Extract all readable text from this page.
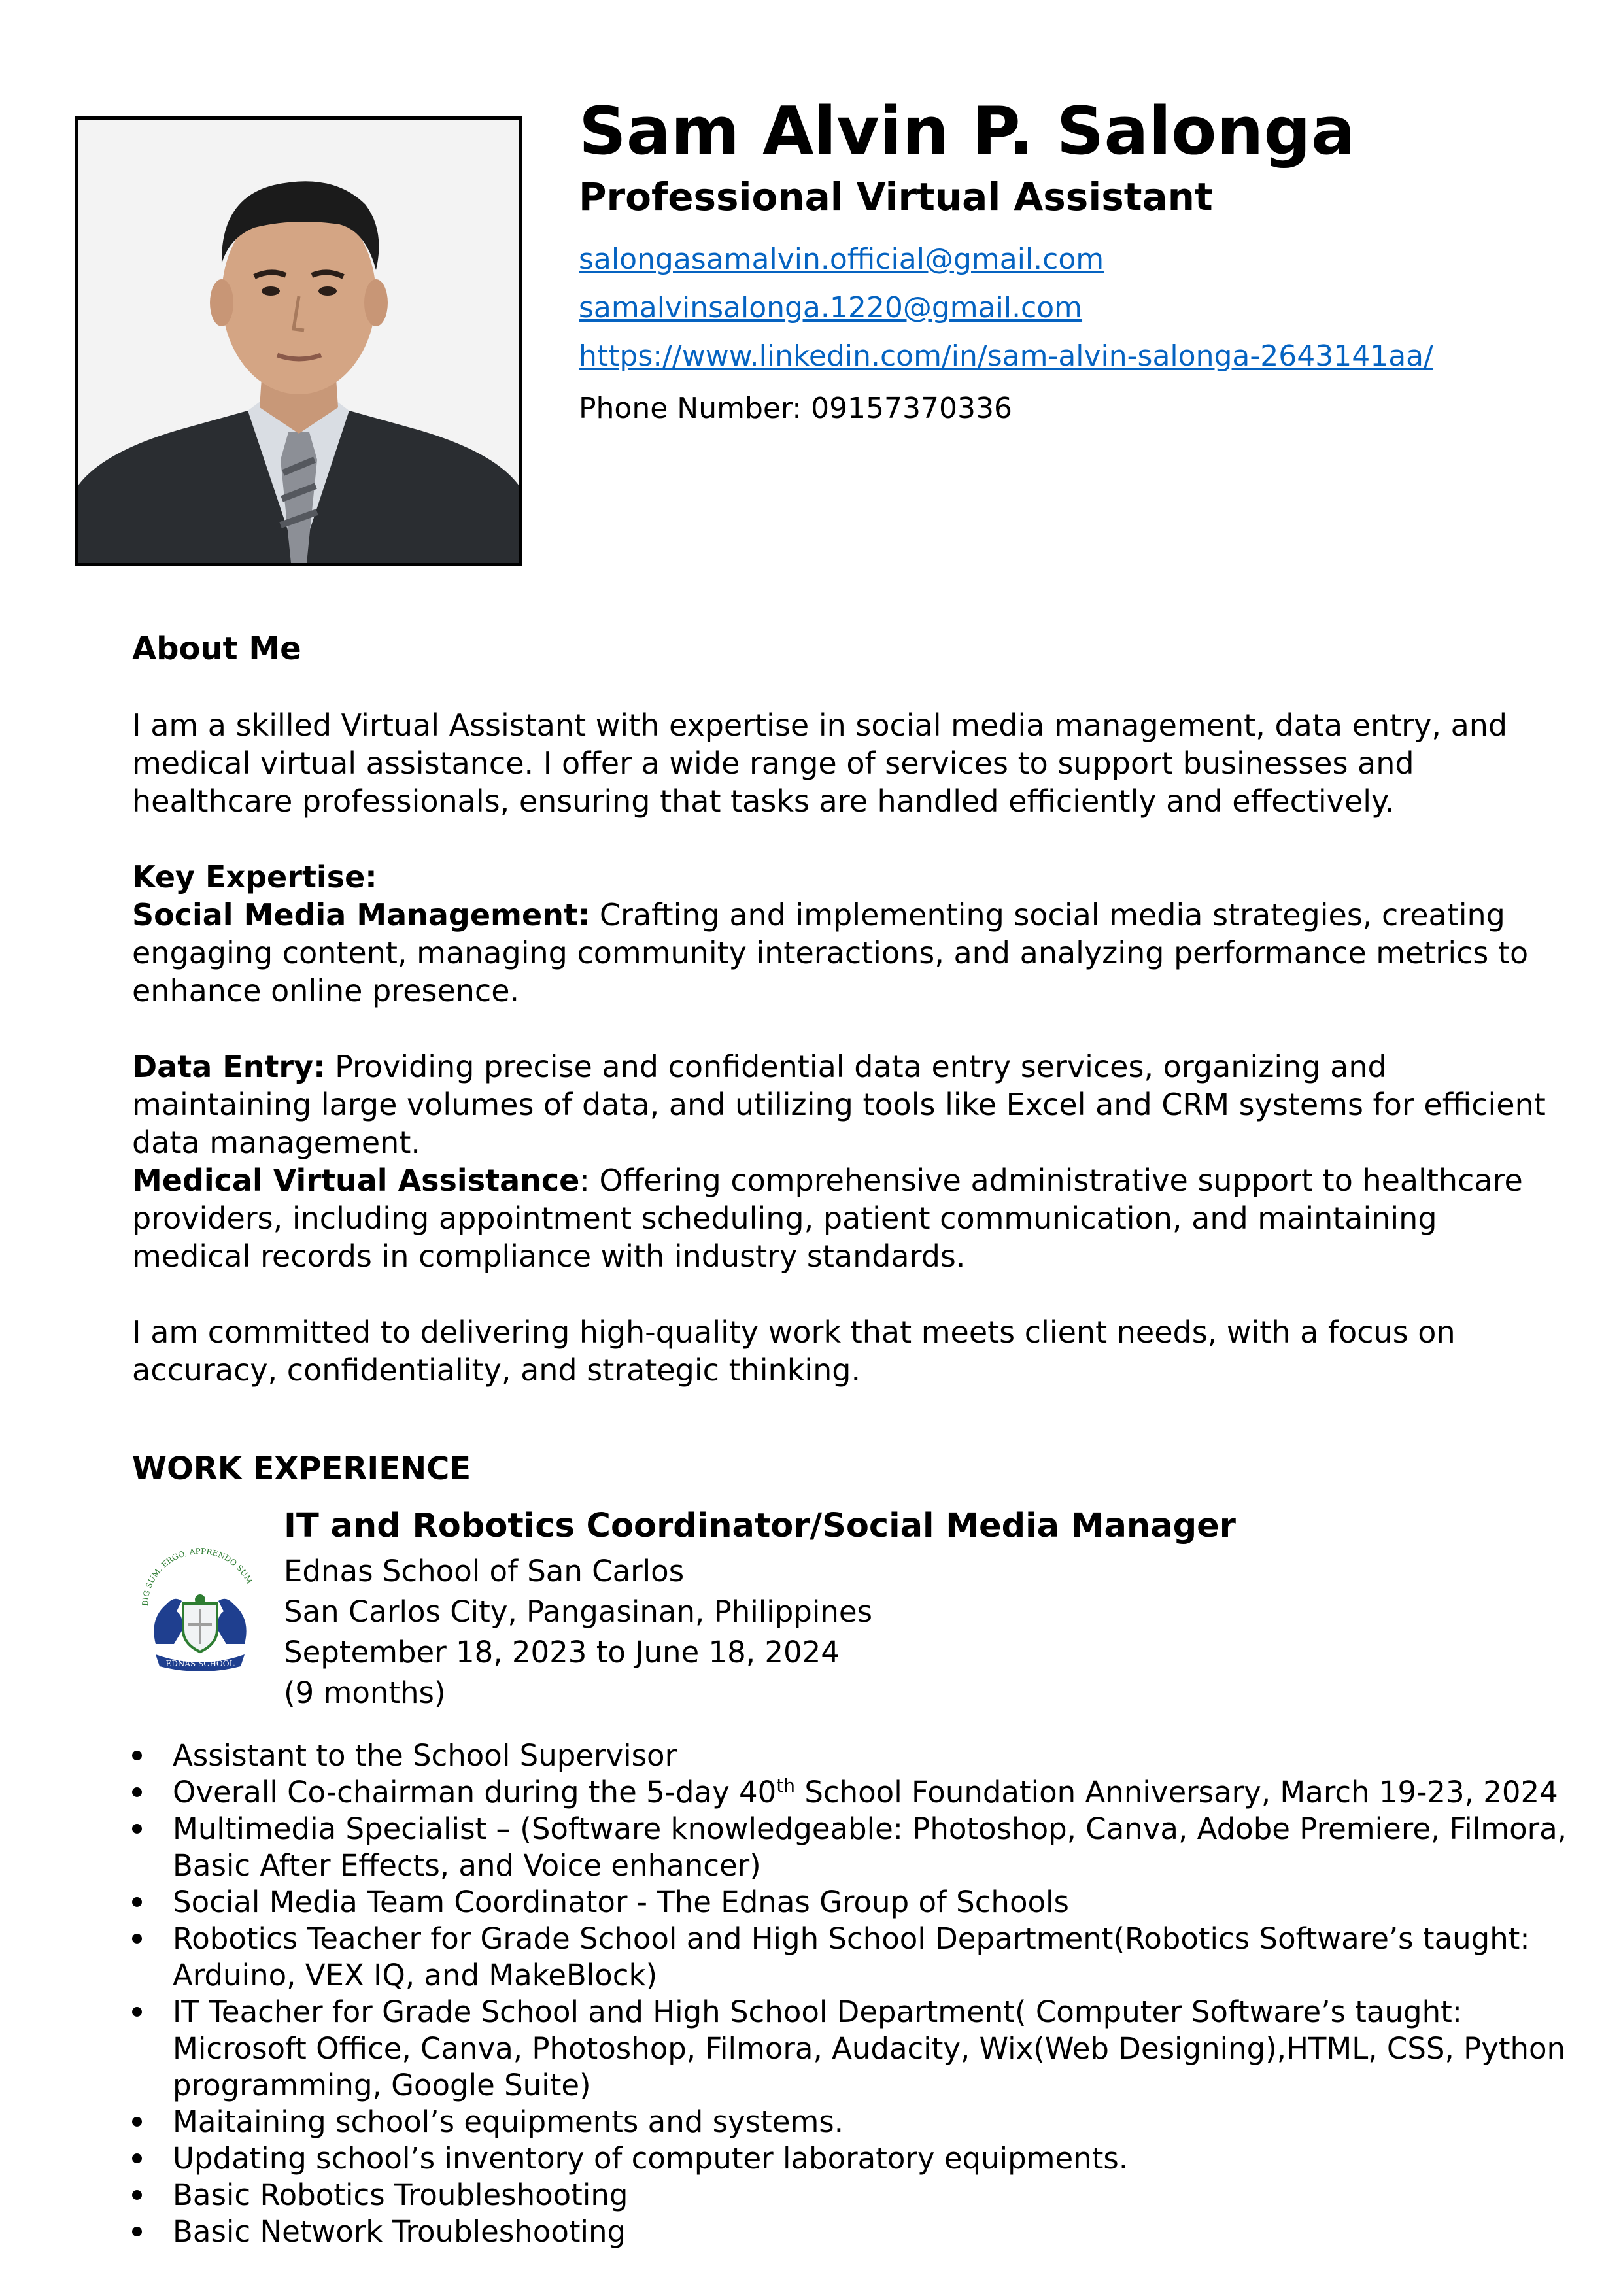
Sam Alvin P. Salonga
Professional Virtual Assistant
salongasamalvin.official@gmail.com
samalvinsalonga.1220@gmail.com
https://www.linkedin.com/in/sam-alvin-salonga-2643141aa/
Phone Number: 09157370336
About Me

I am a skilled Virtual Assistant with expertise in social media management, data entry, and medical virtual assistance. I offer a wide range of services to support businesses and healthcare professionals, ensuring that tasks are handled efficiently and effectively.

Key Expertise:

Social Media Management: Crafting and implementing social media strategies, creating engaging content, managing community interactions, and analyzing performance metrics to enhance online presence.

Data Entry: Providing precise and confidential data entry services, organizing and maintaining large volumes of data, and utilizing tools like Excel and CRM systems for efficient data management.

Medical Virtual Assistance: Offering comprehensive administrative support to healthcare providers, including appointment scheduling, patient communication, and maintaining medical records in compliance with industry standards.

I am committed to delivering high-quality work that meets client needs, with a focus on accuracy, confidentiality, and strategic thinking.

WORK EXPERIENCE
BIG SUM, ERGO, APPRENDO SUM
EDNAS SCHOOL
IT and Robotics Coordinator/Social Media Manager
Ednas School of San Carlos
San Carlos City, Pangasinan, Philippines
September 18, 2023 to June 18, 2024
(9 months)
Assistant to the School Supervisor
Overall Co-chairman during the 5-day 40th School Foundation Anniversary, March 19-23, 2024
Multimedia Specialist – (Software knowledgeable: Photoshop, Canva, Adobe Premiere, Filmora, Basic After Effects, and Voice enhancer)
Social Media Team Coordinator - The Ednas Group of Schools
Robotics Teacher for Grade School and High School Department(Robotics Software’s taught: Arduino, VEX IQ, and MakeBlock)
IT Teacher for Grade School and High School Department( Computer Software’s taught: Microsoft Office, Canva, Photoshop, Filmora, Audacity, Wix(Web Designing),HTML, CSS, Python programming, Google Suite)
Maitaining school’s equipments and systems.
Updating school’s inventory of computer laboratory equipments.
Basic Robotics Troubleshooting
Basic Network Troubleshooting
